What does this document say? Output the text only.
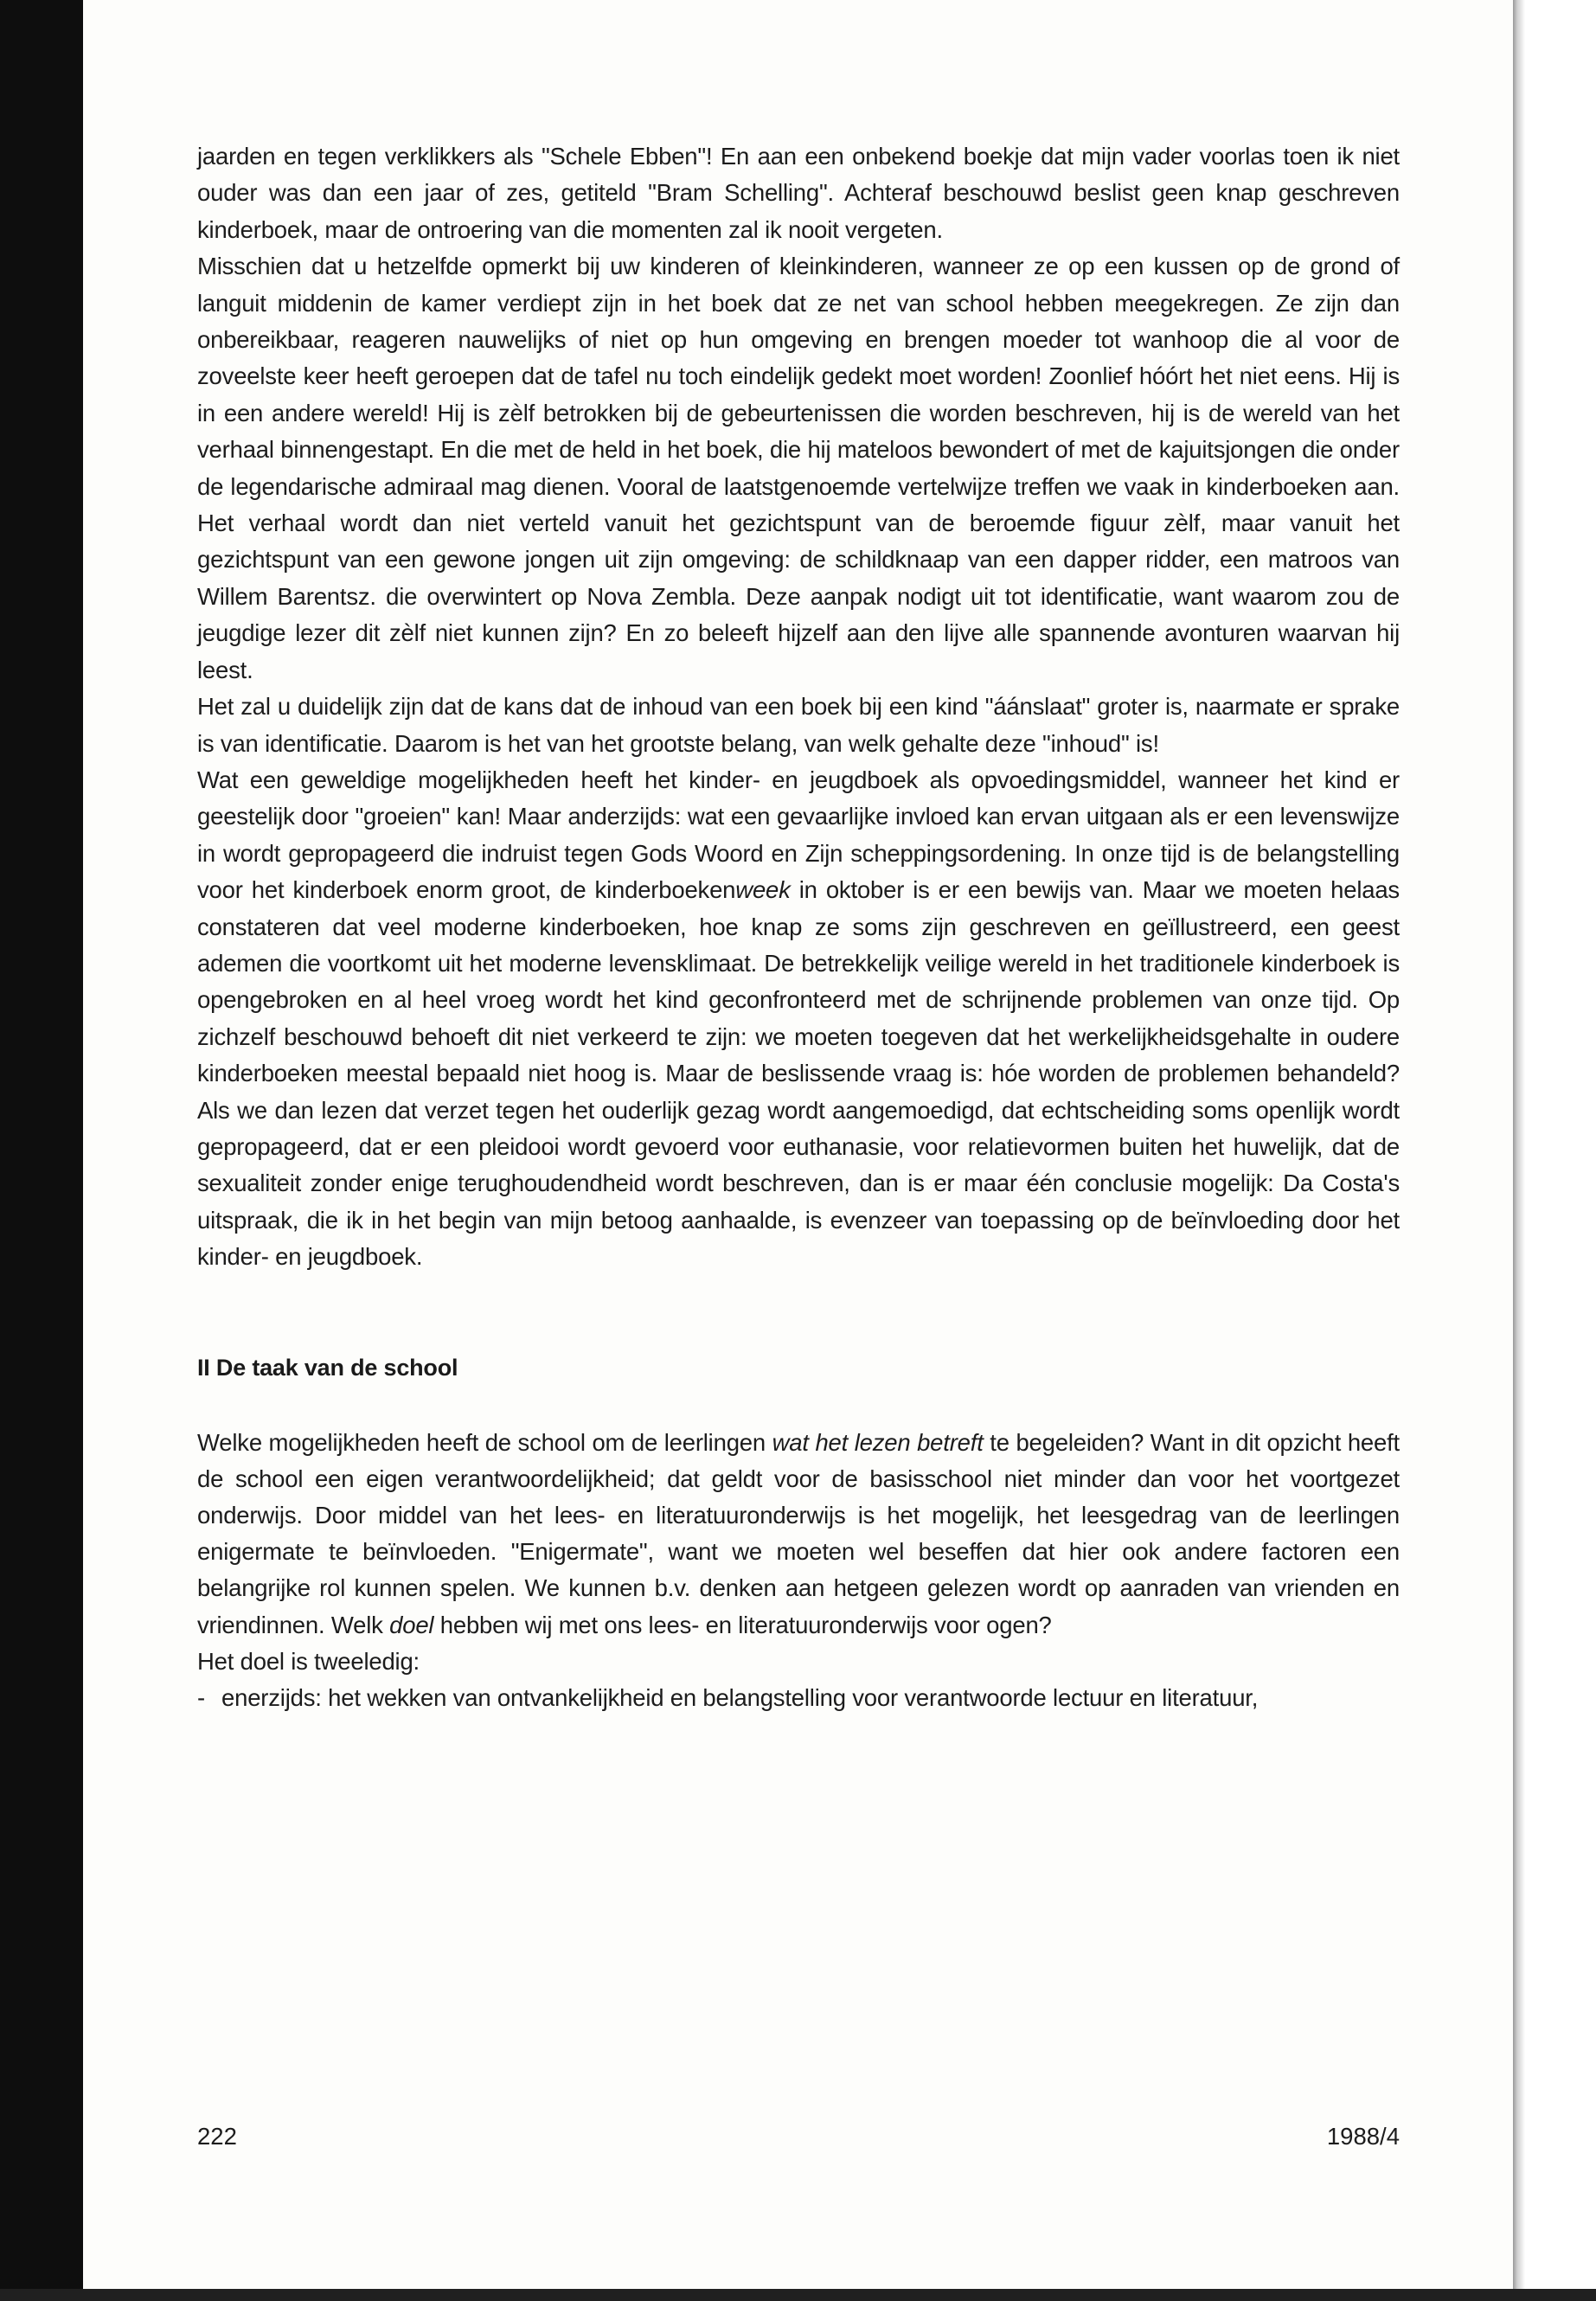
jaarden en tegen verklikkers als "Schele Ebben"! En aan een onbekend boekje dat mijn vader voorlas toen ik niet ouder was dan een jaar of zes, getiteld "Bram Schelling". Achteraf beschouwd beslist geen knap geschreven kinderboek, maar de ontroering van die momenten zal ik nooit vergeten.

Misschien dat u hetzelfde opmerkt bij uw kinderen of kleinkinderen, wanneer ze op een kussen op de grond of languit middenin de kamer verdiept zijn in het boek dat ze net van school hebben meegekregen. Ze zijn dan onbereikbaar, reageren nauwelijks of niet op hun omgeving en brengen moeder tot wanhoop die al voor de zoveelste keer heeft geroepen dat de tafel nu toch eindelijk gedekt moet worden! Zoonlief hóórt het niet eens. Hij is in een andere wereld! Hij is zèlf betrokken bij de gebeurtenissen die worden beschreven, hij is de wereld van het verhaal binnengestapt. En die met de held in het boek, die hij mateloos bewondert of met de kajuitsjongen die onder de legendarische admiraal mag dienen. Vooral de laatstgenoemde vertelwijze treffen we vaak in kinderboeken aan. Het verhaal wordt dan niet verteld vanuit het gezichtspunt van de beroemde figuur zèlf, maar vanuit het gezichtspunt van een gewone jongen uit zijn omgeving: de schildknaap van een dapper ridder, een matroos van Willem Barentsz. die overwintert op Nova Zembla. Deze aanpak nodigt uit tot identificatie, want waarom zou de jeugdige lezer dit zèlf niet kunnen zijn? En zo beleeft hijzelf aan den lijve alle spannende avonturen waarvan hij leest.

Het zal u duidelijk zijn dat de kans dat de inhoud van een boek bij een kind "áánslaat" groter is, naarmate er sprake is van identificatie. Daarom is het van het grootste belang, van welk gehalte deze "inhoud" is!

Wat een geweldige mogelijkheden heeft het kinder- en jeugdboek als opvoedingsmiddel, wanneer het kind er geestelijk door "groeien" kan! Maar anderzijds: wat een gevaarlijke invloed kan ervan uitgaan als er een levenswijze in wordt gepropageerd die indruist tegen Gods Woord en Zijn scheppingsordening. In onze tijd is de belangstelling voor het kinderboek enorm groot, de kinderboekenweek in oktober is er een bewijs van. Maar we moeten helaas constateren dat veel moderne kinderboeken, hoe knap ze soms zijn geschreven en geïllustreerd, een geest ademen die voortkomt uit het moderne levensklimaat. De betrekkelijk veilige wereld in het traditionele kinderboek is opengebroken en al heel vroeg wordt het kind geconfronteerd met de schrijnende problemen van onze tijd. Op zichzelf beschouwd behoeft dit niet verkeerd te zijn: we moeten toegeven dat het werkelijkheidsgehalte in oudere kinderboeken meestal bepaald niet hoog is. Maar de beslissende vraag is: hóe worden de problemen behandeld? Als we dan lezen dat verzet tegen het ouderlijk gezag wordt aangemoedigd, dat echtscheiding soms openlijk wordt gepropageerd, dat er een pleidooi wordt gevoerd voor euthanasie, voor relatievormen buiten het huwelijk, dat de sexualiteit zonder enige terughoudendheid wordt beschreven, dan is er maar één conclusie mogelijk: Da Costa's uitspraak, die ik in het begin van mijn betoog aanhaalde, is evenzeer van toepassing op de beïnvloeding door het kinder- en jeugdboek.

II De taak van de school

Welke mogelijkheden heeft de school om de leerlingen wat het lezen betreft te begeleiden? Want in dit opzicht heeft de school een eigen verantwoordelijkheid; dat geldt voor de basisschool niet minder dan voor het voortgezet onderwijs. Door middel van het lees- en literatuuronderwijs is het mogelijk, het leesgedrag van de leerlingen enigermate te beïnvloeden. "Enigermate", want we moeten wel beseffen dat hier ook andere factoren een belangrijke rol kunnen spelen. We kunnen b.v. denken aan hetgeen gelezen wordt op aanraden van vrienden en vriendinnen. Welk doel hebben wij met ons lees- en literatuuronderwijs voor ogen?

Het doel is tweeledig:

- enerzijds: het wekken van ontvankelijkheid en belangstelling voor verantwoorde lectuur en literatuur,
222	1988/4
